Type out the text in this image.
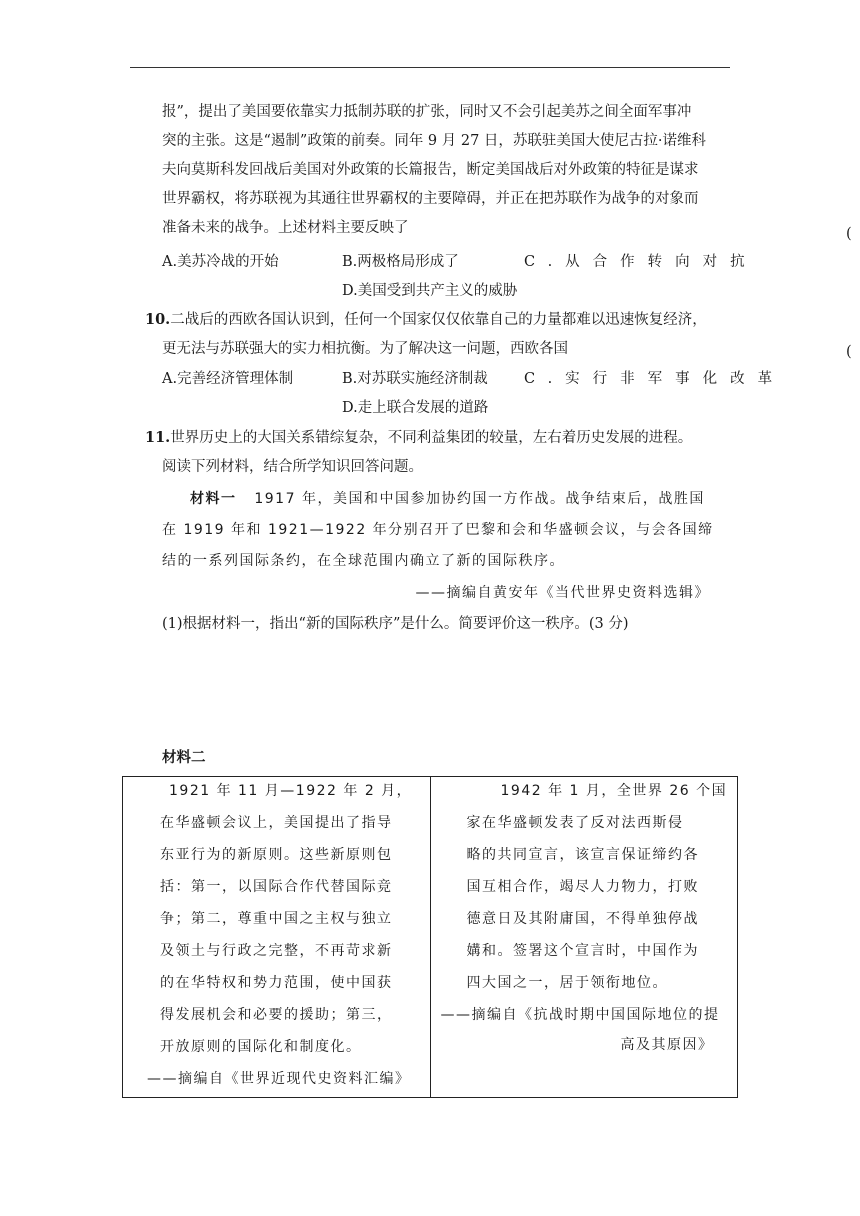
报”，提出了美国要依靠实力抵制苏联的扩张，同时又不会引起美苏之间全面军事冲
突的主张。这是“遏制”政策的前奏。同年 9 月 27 日，苏联驻美国大使尼古拉·诺维科
夫向莫斯科发回战后美国对外政策的长篇报告，断定美国战后对外政策的特征是谋求
世界霸权，将苏联视为其通往世界霸权的主要障碍，并正在把苏联作为战争的对象而
准备未来的战争。上述材料主要反映了	(
A.美苏冷战的开始	B.两极格局形成了	C.从合作转向对抗
D.美国受到共产主义的威胁
10.二战后的西欧各国认识到，任何一个国家仅仅依靠自己的力量都难以迅速恢复经济，
更无法与苏联强大的实力相抗衡。为了解决这一问题，西欧各国	(
A.完善经济管理体制	B.对苏联实施经济制裁 C.实行非军事化改革
D.走上联合发展的道路
11.世界历史上的大国关系错综复杂，不同利益集团的较量，左右着历史发展的进程。
阅读下列材料，结合所学知识回答问题。
材料一 1917 年，美国和中国参加协约国一方作战。战争结束后，战胜国
在 1919 年和 1921—1922 年分别召开了巴黎和会和华盛顿会议，与会各国缔
结的一系列国际条约，在全球范围内确立了新的国际秩序。
——摘编自黄安年《当代世界史资料选辑》
(1)根据材料一，指出“新的国际秩序”是什么。简要评价这一秩序。(3 分)
材料二
1921 年 11 月—1922 年 2 月，
在华盛顿会议上，美国提出了指导
东亚行为的新原则。这些新原则包
括：第一，以国际合作代替国际竞
争；第二，尊重中国之主权与独立
及领土与行政之完整，不再苛求新
的在华特权和势力范围，使中国获
得发展机会和必要的援助；第三，
开放原则的国际化和制度化。
——摘编自《世界近现代史资料汇编》

1942 年 1 月，全世界 26 个国
家在华盛顿发表了反对法西斯侵
略的共同宣言，该宣言保证缔约各
国互相合作，竭尽人力物力，打败
德意日及其附庸国，不得单独停战
媾和。签署这个宣言时，中国作为
四大国之一，居于领衔地位。
——摘编自《抗战时期中国国际地位的提
高及其原因》
